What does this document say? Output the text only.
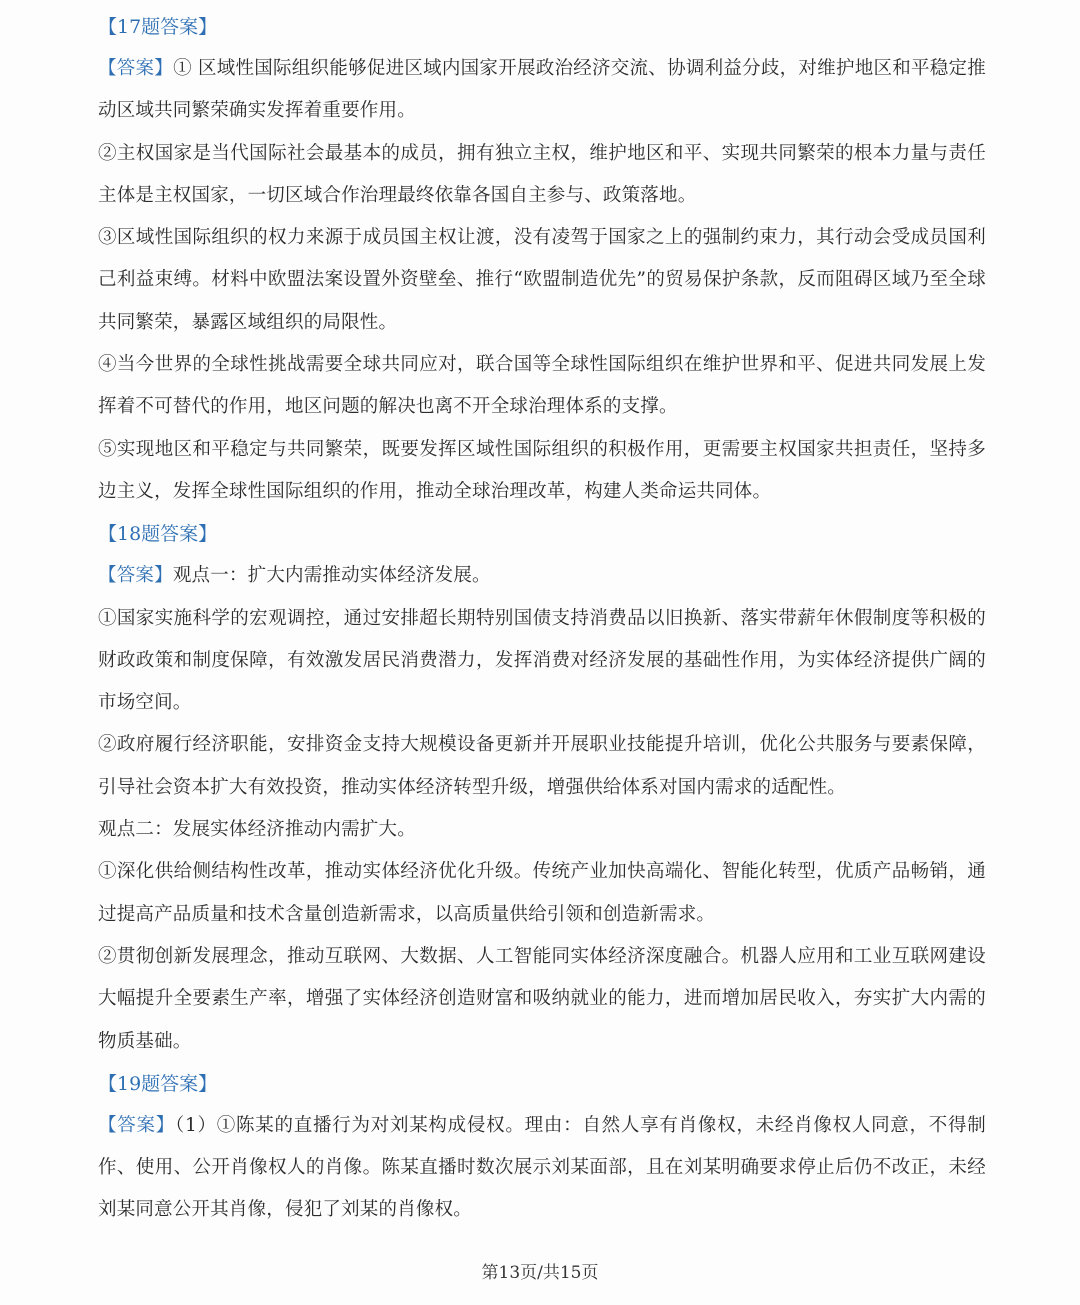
【17题答案】

【答案】① 区域性国际组织能够促进区域内国家开展政治经济交流、协调利益分歧，对维护地区和平稳定推动区域共同繁荣确实发挥着重要作用。

②主权国家是当代国际社会最基本的成员，拥有独立主权，维护地区和平、实现共同繁荣的根本力量与责任主体是主权国家，一切区域合作治理最终依靠各国自主参与、政策落地。

③区域性国际组织的权力来源于成员国主权让渡，没有凌驾于国家之上的强制约束力，其行动会受成员国利己利益束缚。材料中欧盟法案设置外资壁垒、推行“欧盟制造优先”的贸易保护条款，反而阻碍区域乃至全球共同繁荣，暴露区域组织的局限性。

④当今世界的全球性挑战需要全球共同应对，联合国等全球性国际组织在维护世界和平、促进共同发展上发挥着不可替代的作用，地区问题的解决也离不开全球治理体系的支撑。

⑤实现地区和平稳定与共同繁荣，既要发挥区域性国际组织的积极作用，更需要主权国家共担责任，坚持多边主义，发挥全球性国际组织的作用，推动全球治理改革，构建人类命运共同体。

【18题答案】

【答案】观点一：扩大内需推动实体经济发展。

①国家实施科学的宏观调控，通过安排超长期特别国债支持消费品以旧换新、落实带薪年休假制度等积极的财政政策和制度保障，有效激发居民消费潜力，发挥消费对经济发展的基础性作用，为实体经济提供广阔的市场空间。

②政府履行经济职能，安排资金支持大规模设备更新并开展职业技能提升培训，优化公共服务与要素保障，引导社会资本扩大有效投资，推动实体经济转型升级，增强供给体系对国内需求的适配性。

观点二：发展实体经济推动内需扩大。

①深化供给侧结构性改革，推动实体经济优化升级。传统产业加快高端化、智能化转型，优质产品畅销，通过提高产品质量和技术含量创造新需求，以高质量供给引领和创造新需求。

②贯彻创新发展理念，推动互联网、大数据、人工智能同实体经济深度融合。机器人应用和工业互联网建设大幅提升全要素生产率，增强了实体经济创造财富和吸纳就业的能力，进而增加居民收入，夯实扩大内需的物质基础。

【19题答案】

【答案】（1）①陈某的直播行为对刘某构成侵权。理由：自然人享有肖像权，未经肖像权人同意，不得制作、使用、公开肖像权人的肖像。陈某直播时数次展示刘某面部，且在刘某明确要求停止后仍不改正，未经刘某同意公开其肖像，侵犯了刘某的肖像权。

第13页/共15页
